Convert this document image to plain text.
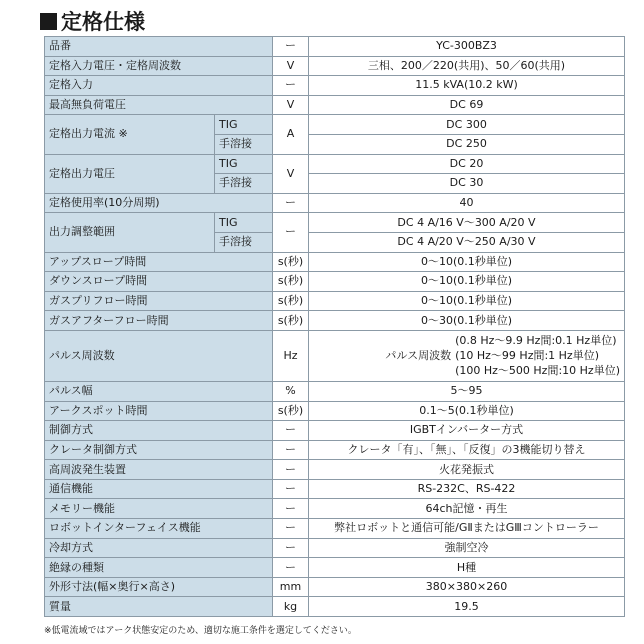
定格仕様
品番		ー	YC-300BZ3
定格入力電圧・定格周波数		V	三相、200／220(共用)、50／60(共用)
定格入力		ー	11.5 kVA(10.2 kW)
最高無負荷電圧		V	DC 69
定格出力電流 ※	TIG	A	DC 300
	手溶接		DC 250
定格出力電圧	TIG	V	DC 20
	手溶接		DC 30
定格使用率(10分周期)		ー	40
出力調整範囲	TIG	ー	DC 4 A/16 V～300 A/20 V
	手溶接		DC 4 A/20 V～250 A/30 V
アップスロープ時間		s(秒)	0～10(0.1秒単位)
ダウンスロープ時間		s(秒)	0～10(0.1秒単位)
ガスプリフロー時間		s(秒)	0～10(0.1秒単位)
ガスアフターフロー時間		s(秒)	0～30(0.1秒単位)
パルス周波数		Hz	パルス周波数
(0.8 Hz～9.9 Hz間:0.1 Hz単位)
(10 Hz～99 Hz間:1 Hz単位)
(100 Hz～500 Hz間:10 Hz単位)

パルス幅		%	5～95
アークスポット時間		s(秒)	0.1～5(0.1秒単位)
制御方式		ー	IGBTインバーター方式
クレータ制御方式		ー	クレータ「有」、「無」、「反復」の3機能切り替え
高周波発生装置		ー	火花発振式
通信機能		ー	RS-232C、RS-422
メモリー機能		ー	64ch記憶・再生
ロボットインターフェイス機能		ー	弊社ロボットと通信可能/GⅡまたはGⅢコントローラー
冷却方式		ー	強制空冷
絶縁の種類		ー	H種
外形寸法(幅×奥行×高さ)		mm	380×380×260
質量		kg	19.5
※低電流域ではアーク状態安定のため、適切な施工条件を選定してください。
